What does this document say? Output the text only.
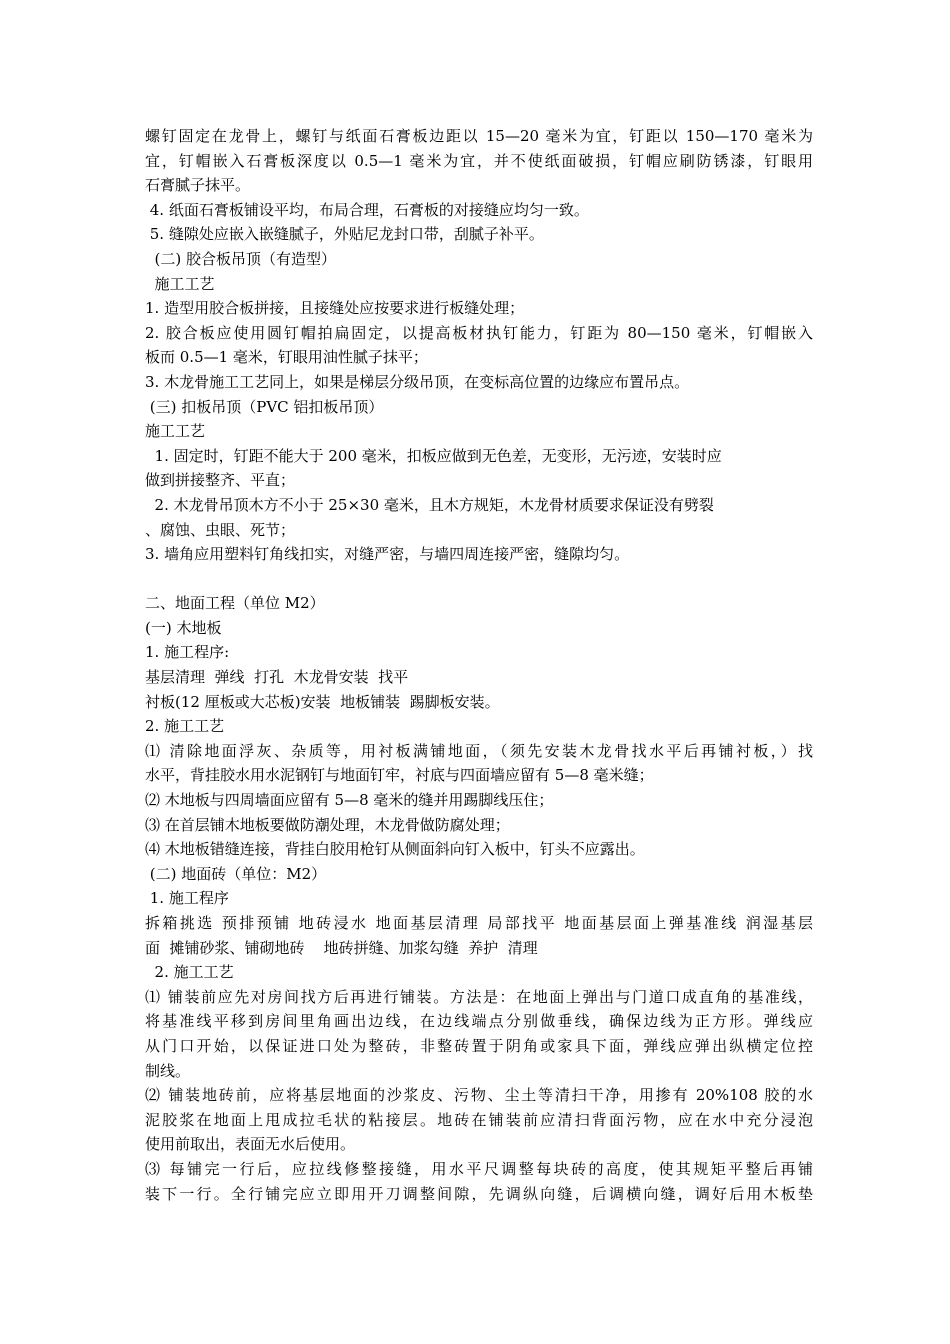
螺钉固定在龙骨上，螺钉与纸面石膏板边距以 15—20 毫米为宜，钉距以 150—170 毫米为
宜，钉帽嵌入石膏板深度以 0.5—1 毫米为宜，并不使纸面破损，钉帽应刷防锈漆，钉眼用
石膏腻子抹平。
4. 纸面石膏板铺设平均，布局合理，石膏板的对接缝应均匀一致。
5. 缝隙处应嵌入嵌缝腻子，外贴尼龙封口带，刮腻子补平。
(二) 胶合板吊顶（有造型）
施工工艺
1. 造型用胶合板拼接，且接缝处应按要求进行板缝处理；
2. 胶合板应使用圆钉帽拍扁固定，以提高板材执钉能力，钉距为 80—150 毫米，钉帽嵌入
板而 0.5—1 毫米，钉眼用油性腻子抹平；
3. 木龙骨施工工艺同上，如果是梯层分级吊顶，在变标高位置的边缘应布置吊点。
(三) 扣板吊顶（PVC 铝扣板吊顶）
施工工艺
1. 固定时，钉距不能大于 200 毫米，扣板应做到无色差，无变形，无污迹，安装时应
做到拼接整齐、平直；
2. 木龙骨吊顶木方不小于 25×30 毫米，且木方规矩，木龙骨材质要求保证没有劈裂
、腐蚀、虫眼、死节；
3. 墙角应用塑料钉角线扣实，对缝严密，与墙四周连接严密，缝隙均匀。
二、地面工程（单位 M2）
(一) 木地板
1. 施工程序:
基层清理  弹线  打孔  木龙骨安装  找平
衬板(12 厘板或大芯板)安装  地板铺装  踢脚板安装。
2. 施工工艺
⑴ 清除地面浮灰、杂质等，用衬板满铺地面，（须先安装木龙骨找水平后再铺衬板，）找
水平，背挂胶水用水泥钢钉与地面钉牢，衬底与四面墙应留有 5—8 毫米缝；
⑵ 木地板与四周墙面应留有 5—8 毫米的缝并用踢脚线压住；
⑶ 在首层铺木地板要做防潮处理，木龙骨做防腐处理；
⑷ 木地板错缝连接，背挂白胶用枪钉从侧面斜向钉入板中，钉头不应露出。
(二) 地面砖（单位：M2）
1. 施工程序
拆箱挑选 预排预铺 地砖浸水 地面基层清理 局部找平 地面基层面上弹基准线 润湿基层
面  摊铺砂浆、铺砌地砖    地砖拼缝、加浆勾缝  养护  清理
2. 施工工艺
⑴ 铺装前应先对房间找方后再进行铺装。方法是：在地面上弹出与门道口成直角的基准线，
将基准线平移到房间里角画出边线，在边线端点分别做垂线，确保边线为正方形。弹线应
从门口开始，以保证进口处为整砖，非整砖置于阴角或家具下面，弹线应弹出纵横定位控
制线。
⑵ 铺装地砖前，应将基层地面的沙浆皮、污物、尘土等清扫干净，用掺有 20%108 胶的水
泥胶浆在地面上甩成拉毛状的粘接层。地砖在铺装前应清扫背面污物，应在水中充分浸泡
使用前取出，表面无水后使用。
⑶ 每铺完一行后，应拉线修整接缝，用水平尺调整每块砖的高度，使其规矩平整后再铺
装下一行。全行铺完应立即用开刀调整间隙，先调纵向缝，后调横向缝，调好后用木板垫
